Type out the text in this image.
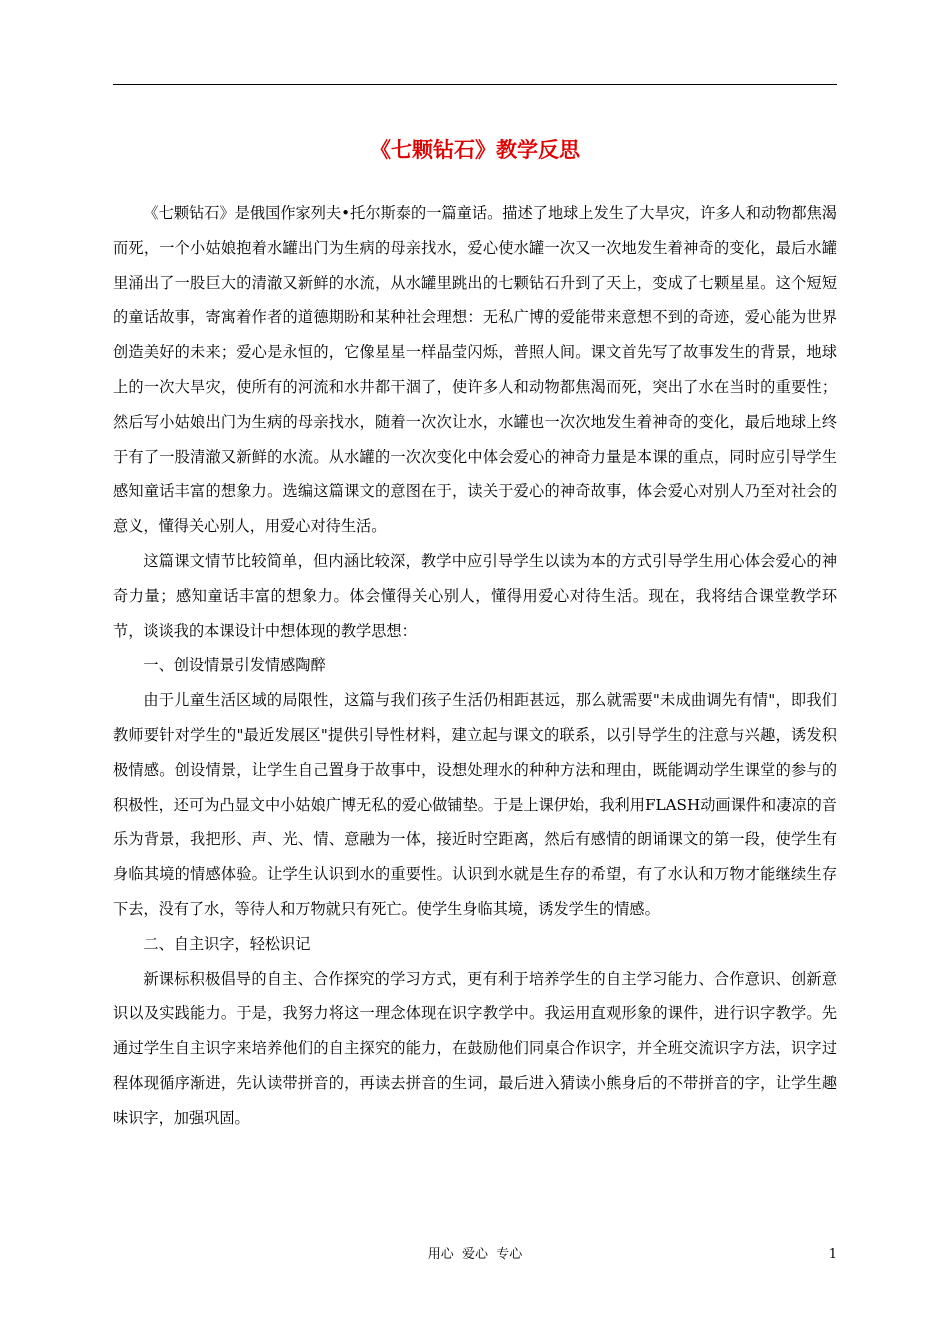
《七颗钻石》教学反思

《七颗钻石》是俄国作家列夫•托尔斯泰的一篇童话。描述了地球上发生了大旱灾，许多人和动物都焦渴而死，一个小姑娘抱着水罐出门为生病的母亲找水，爱心使水罐一次又一次地发生着神奇的变化，最后水罐里涌出了一股巨大的清澈又新鲜的水流，从水罐里跳出的七颗钻石升到了天上，变成了七颗星星。这个短短的童话故事，寄寓着作者的道德期盼和某种社会理想：无私广博的爱能带来意想不到的奇迹，爱心能为世界创造美好的未来；爱心是永恒的，它像星星一样晶莹闪烁，普照人间。课文首先写了故事发生的背景，地球上的一次大旱灾，使所有的河流和水井都干涸了，使许多人和动物都焦渴而死，突出了水在当时的重要性；然后写小姑娘出门为生病的母亲找水，随着一次次让水，水罐也一次次地发生着神奇的变化，最后地球上终于有了一股清澈又新鲜的水流。从水罐的一次次变化中体会爱心的神奇力量是本课的重点，同时应引导学生感知童话丰富的想象力。选编这篇课文的意图在于，读关于爱心的神奇故事，体会爱心对别人乃至对社会的意义，懂得关心别人，用爱心对待生活。

这篇课文情节比较简单，但内涵比较深，教学中应引导学生以读为本的方式引导学生用心体会爱心的神奇力量；感知童话丰富的想象力。体会懂得关心别人，懂得用爱心对待生活。现在，我将结合课堂教学环节，谈谈我的本课设计中想体现的教学思想：

一、创设情景引发情感陶醉

由于儿童生活区域的局限性，这篇与我们孩子生活仍相距甚远，那么就需要"未成曲调先有情"，即我们教师要针对学生的"最近发展区"提供引导性材料，建立起与课文的联系，以引导学生的注意与兴趣，诱发积极情感。创设情景，让学生自己置身于故事中，设想处理水的种种方法和理由，既能调动学生课堂的参与的积极性，还可为凸显文中小姑娘广博无私的爱心做铺垫。于是上课伊始，我利用FLASH动画课件和凄凉的音乐为背景，我把形、声、光、情、意融为一体，接近时空距离，然后有感情的朗诵课文的第一段，使学生有身临其境的情感体验。让学生认识到水的重要性。认识到水就是生存的希望，有了水认和万物才能继续生存下去，没有了水，等待人和万物就只有死亡。使学生身临其境，诱发学生的情感。

二、自主识字，轻松识记

新课标积极倡导的自主、合作探究的学习方式，更有利于培养学生的自主学习能力、合作意识、创新意识以及实践能力。于是，我努力将这一理念体现在识字教学中。我运用直观形象的课件，进行识字教学。先通过学生自主识字来培养他们的自主探究的能力，在鼓励他们同桌合作识字，并全班交流识字方法，识字过程体现循序渐进，先认读带拼音的，再读去拼音的生词，最后进入猜读小熊身后的不带拼音的字，让学生趣味识字，加强巩固。

用心  爱心  专心	1
